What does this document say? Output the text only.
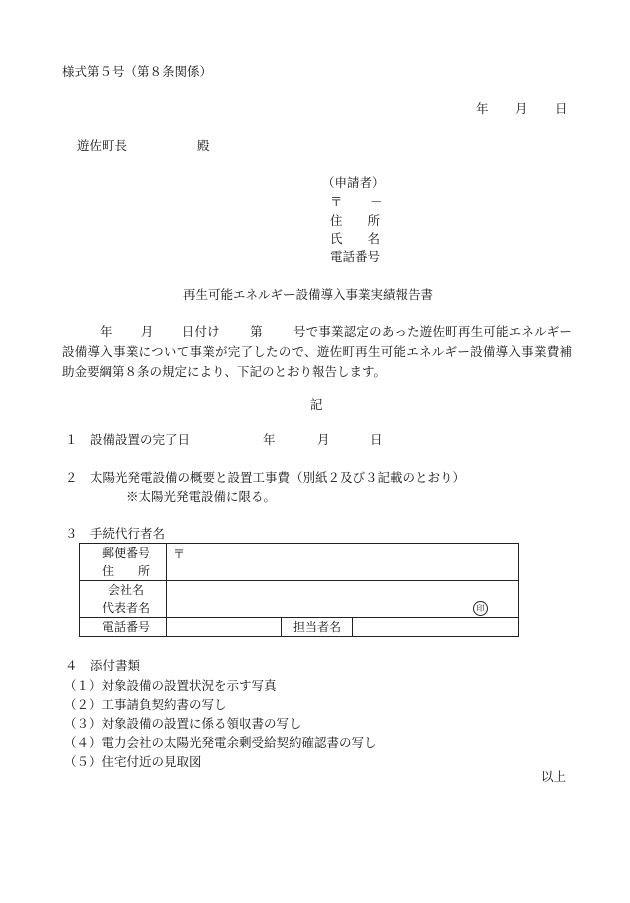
様式第５号（第８条関係）
年 月 日
遊佐町長	殿
（申請者）
〒 －
住　　所
氏　　名
電話番号
再生可能エネルギー設備導入事業実績報告書
年 月 日付け 第 号で事業認定のあった遊佐町再生可能エネルギー設備導入事業について事業が完了したので、遊佐町再生可能エネルギー設備導入事業費補助金要綱第８条の規定により、下記のとおり報告します。
記
１ 設備設置の完了日	年	月	日
２ 太陽光発電設備の概要と設置工事費（別紙２及び３記載のとおり）
※太陽光発電設備に限る。
３ 手続代行者名
郵便番号
住　　所	〒		

会社名
代表者名	印		

電話番号		担当者名	
４ 添付書類
（１）対象設備の設置状況を示す写真
（２）工事請負契約書の写し
（３）対象設備の設置に係る領収書の写し
（４）電力会社の太陽光発電余剰受給契約確認書の写し
（５）住宅付近の見取図
以上
